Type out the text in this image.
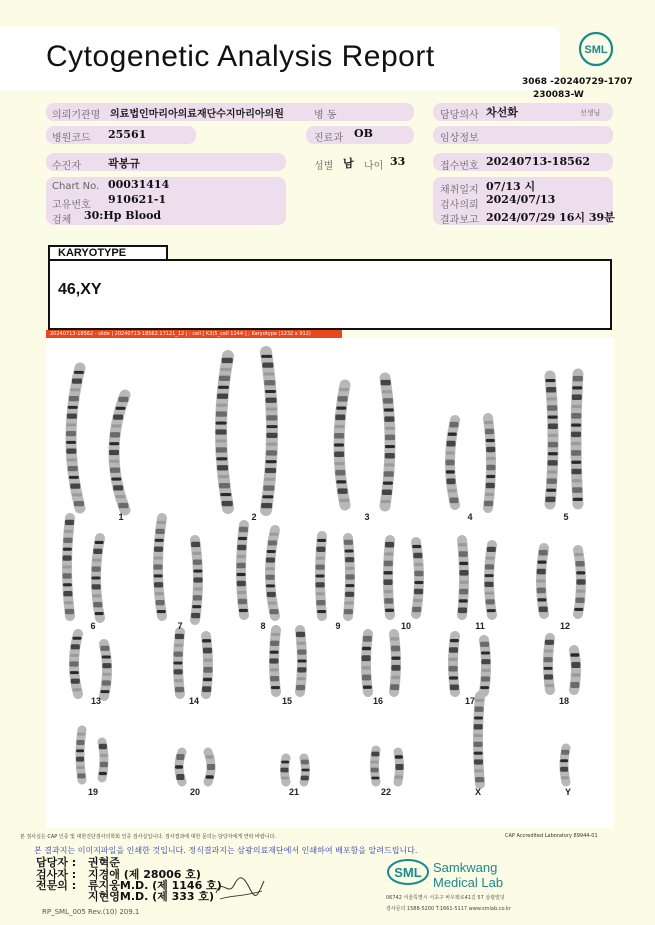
Cytogenetic Analysis Report	SML
3068 -20240729-1707
230083-W
의뢰기관명 의료법인마리아의료재단수지마리아의원	병 동	담당의사 차선화	선생님
병원코드 25561	진료과 OB	임상정보
수진자 곽봉규	성별 남 나이 33	접수번호 20240713-18562
Chart No. 00031414
고유번호 910621-1
검체 30:Hp Blood
채취일지 07/13 시
검사의뢰 2024/07/13
결과보고 2024/07/29 16시 39분
KARYOTYPE
46,XY
20240713-18562 - slide | 20240713-18562.17121_12 | : cell [ K3(5_cell 1244 ] ; Karyotype (1232 x 912)
1	2	3	4	5
6	7	8	9	10	11	12
13	14	15	16	17	18
19	20	21	22	X	Y
본 검사실은 CAP 인증 및 대한진단검사의학회 인증 검사실입니다. 검사결과에 대한 문의는 담당자에게 연락 바랍니다.	CAP Accredited Laboratory 89944-01
본 결과지는 이미지파일을 인쇄한 것입니다. 정식결과지는 삼광의료재단에서 인쇄하여 배포함을 알려드립니다.
담당자 : 권혁준
검사자 : 지경애 (제 28006 호)
전문의 : 류지웅M.D. (제 1146 호)
지현영M.D. (제 333 호)
RP_SML_005 Rev.(10) 209.1
SML Samkwang
Medical Lab
06742 서울특별시 서초구 바우뫼로41길 57 삼광빌딩
검사문의 1588-5200 T.1661-5117 www.smlab.co.kr
